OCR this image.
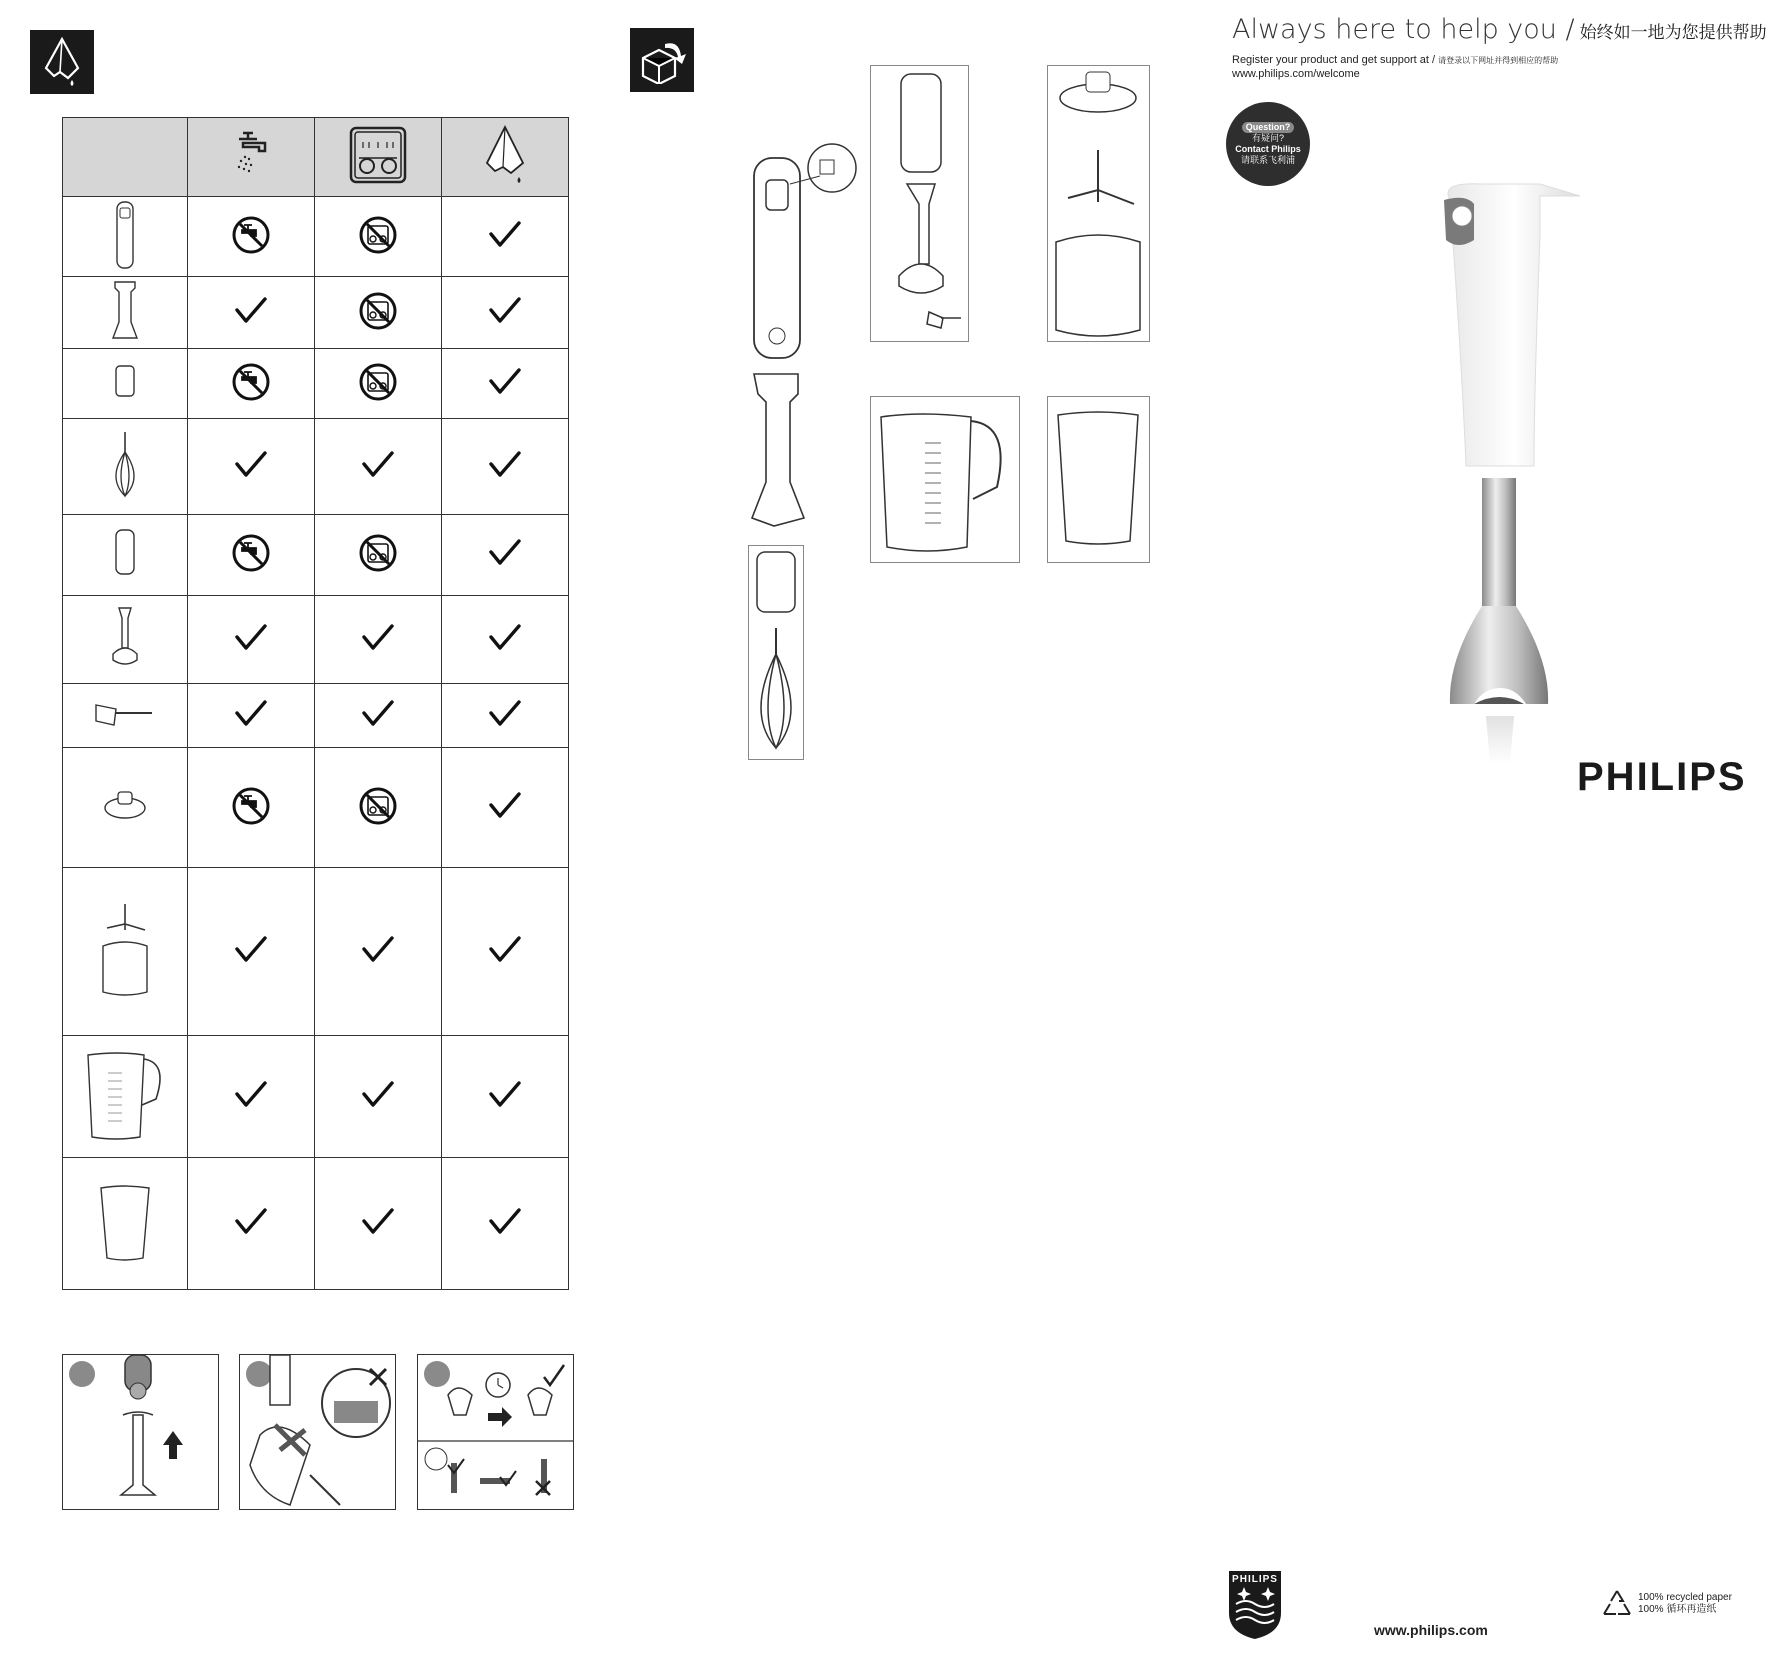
Always here to help you / 始终如一地为您提供帮助
Register your product and get support at / 请登录以下网址并得到相应的帮助
www.philips.com/welcome
Question?
有疑问?
Contact Philips
请联系飞利浦
PHILIPS
PHILIPS
www.philips.com
100% recycled paper
100% 循环再造纸
